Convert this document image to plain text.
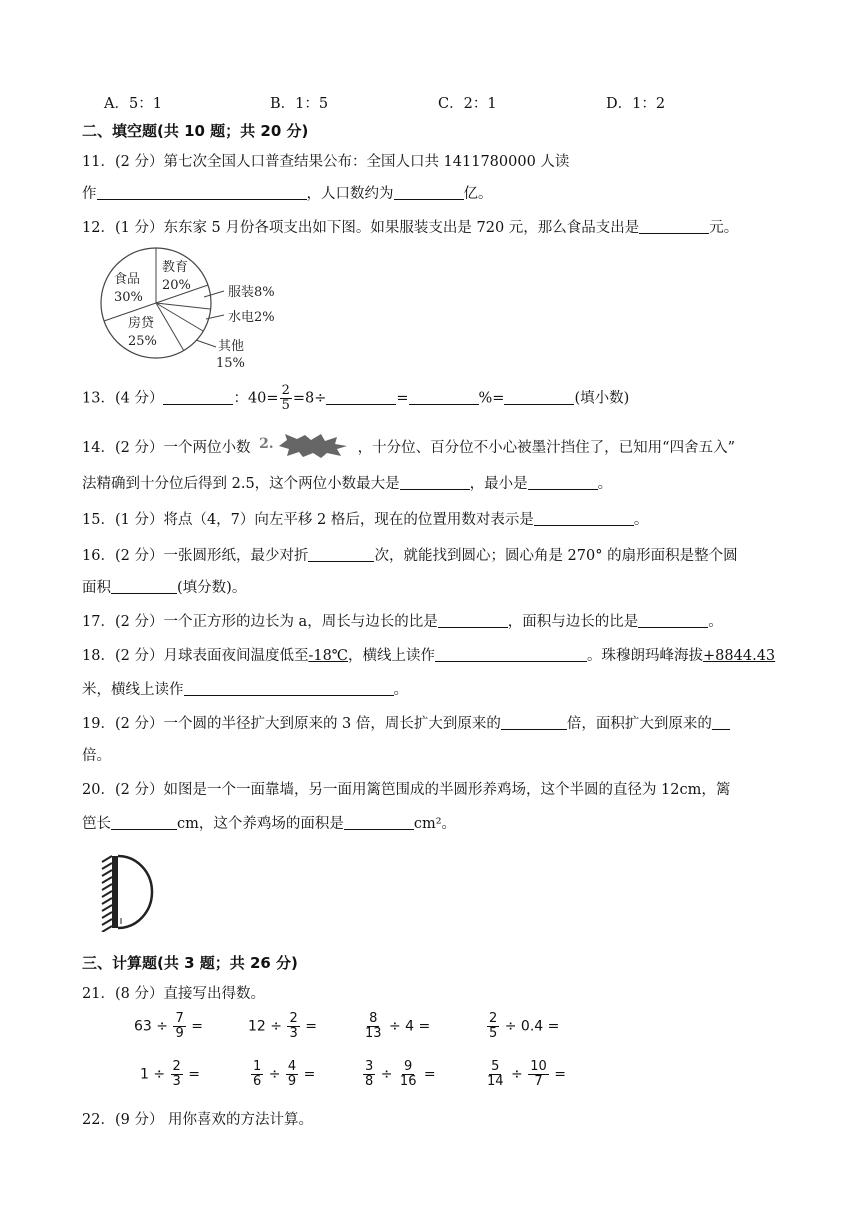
A．5：1	B．1：5	C．2：1	D．1：2
二、填空题(共 10 题；共 20 分)
11．(2 分）第七次全国人口普查结果公布：全国人口共 1411780000 人读
作	，人口数约为	亿。
12．(1 分）东东家 5 月份各项支出如下图。如果服装支出是 720 元，那么食品支出是	元。
食品
30%
教育
20%	服装8%
水电2%
房贷
25%	其他
15%
13．(4 分）	：$40= \frac{2}{5} =8\div$	=	%=	(填小数)
14．(2 分）一个两位小数 2.	，十分位、百分位不小心被墨汁挡住了，已知用“四舍五入”
法精确到十分位后得到 2.5，这个两位小数最大是	，最小是	。
15．(1 分）将点（4，7）向左平移 2 格后，现在的位置用数对表示是	。
16．(2 分）一张圆形纸，最少对折	次，就能找到圆心；圆心角是 270° 的扇形面积是整个圆
面积	(填分数)。
17．(2 分）一个正方形的边长为 a，周长与边长的比是	，面积与边长的比是	。
18．(2 分）月球表面夜间温度低至-18℃，横线上读作	。珠穆朗玛峰海拔+8844.43
米，横线上读作	。
19．(2 分）一个圆的半径扩大到原来的 3 倍，周长扩大到原来的	倍，面积扩大到原来的
倍。
20．(2 分）如图是一个一面靠墙，另一面用篱笆围成的半圆形养鸡场，这个半圆的直径为 12cm，篱
笆长	cm，这个养鸡场的面积是	cm²。
三、计算题(共 3 题；共 26 分)
21．(8 分）直接写出得数。
$63 \div \frac{7}{9}$ =	$12 \div \frac{2}{3}$ =	$\frac{8}{13} \div 4$ =	$\frac{2}{5} \div 0.4$ =
$1 \div \frac{2}{3}$ =	$\frac{1}{6} \div \frac{4}{9}$ =	$\frac{3}{8} \div \frac{9}{16}$ =	$\frac{5}{14} \div \frac{10}{7}$ =
22．(9 分） 用你喜欢的方法计算。
